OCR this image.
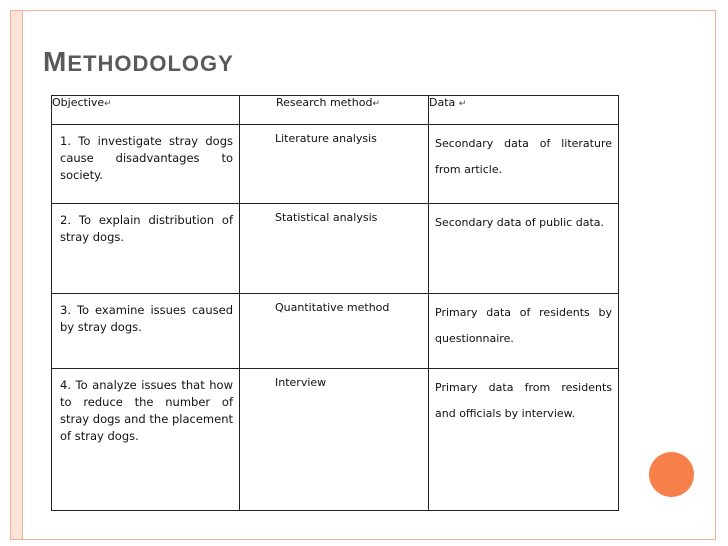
METHODOLOGY
Objective↵	Research method↵	Data ↵

1. To investigate stray dogs cause disadvantages to society.	Literature analysis	Secondary data of literature from article.

2. To explain distribution of stray dogs.	Statistical analysis	Secondary data of public data.

3. To examine issues caused by stray dogs.	Quantitative method	Primary data of residents by questionnaire.

4. To analyze issues that how to reduce the number of stray dogs and the placement of stray dogs.	Interview	Primary data from residents and officials by interview.
